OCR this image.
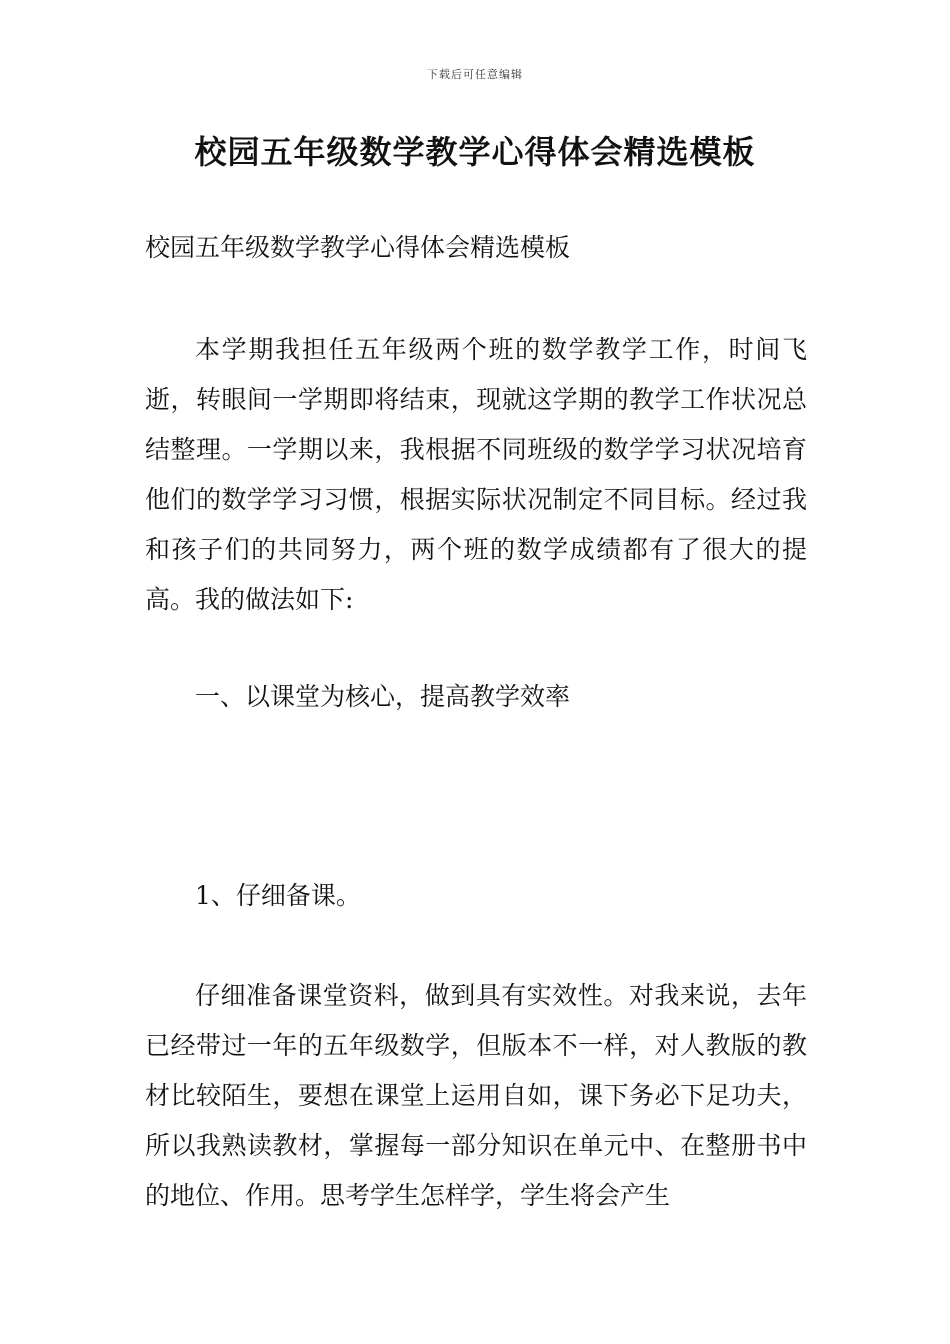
下载后可任意编辑
校园五年级数学教学心得体会精选模板

校园五年级数学教学心得体会精选模板

本学期我担任五年级两个班的数学教学工作，时间飞逝，转眼间一学期即将结束，现就这学期的教学工作状况总结整理。一学期以来，我根据不同班级的数学学习状况培育他们的数学学习习惯，根据实际状况制定不同目标。经过我和孩子们的共同努力，两个班的数学成绩都有了很大的提高。我的做法如下:

一、以课堂为核心，提高教学效率

1、仔细备课。

仔细准备课堂资料，做到具有实效性。对我来说，去年已经带过一年的五年级数学，但版本不一样，对人教版的教材比较陌生，要想在课堂上运用自如，课下务必下足功夫，所以我熟读教材，掌握每一部分知识在单元中、在整册书中的地位、作用。思考学生怎样学，学生将会产生
